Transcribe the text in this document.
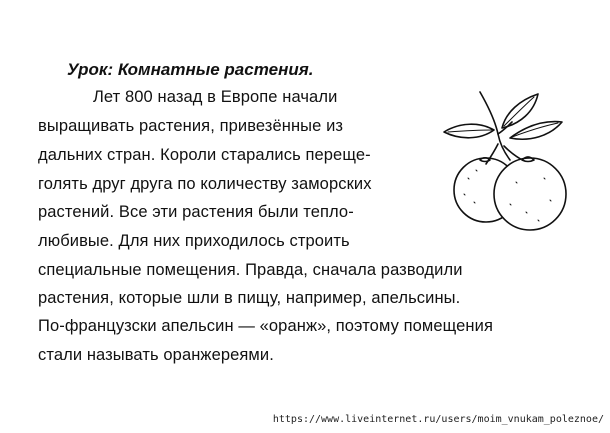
Урок: Комнатные растения.
Лет 800 назад в Европе начали
выращивать растения, привезённые из
дальних стран. Короли старались переще-
голять друг друга по количеству заморских
растений. Все эти растения были тепло-
любивые. Для них приходилось строить
специальные помещения. Правда, сначала разводили
растения, которые шли в пищу, например, апельсины.
По-французски апельсин — «оранж», поэтому помещения
стали называть оранжереями.
https://www.liveinternet.ru/users/moim_vnukam_poleznoe/
